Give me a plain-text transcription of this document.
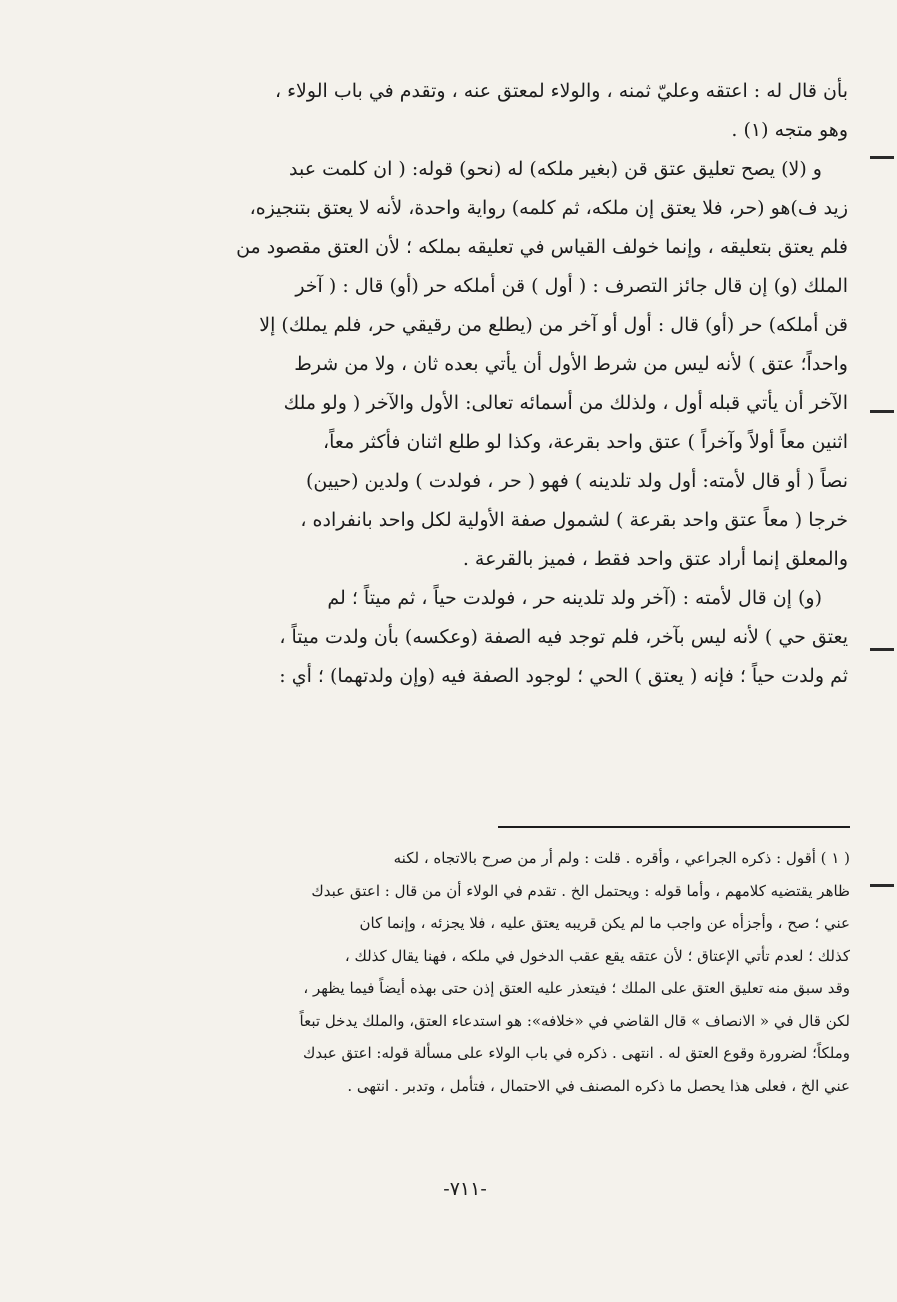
بأن قال له : اعتقه وعليّ ثمنه ، والولاء لمعتق عنه ، وتقدم في باب الولاء ،
وهو متجه (١) .
و (لا) يصح تعليق عتق قن (بغير ملكه) له (نحو) قوله: ( ان كلمت عبد
زيد ف)هو (حر، فلا يعتق إن ملكه، ثم كلمه) رواية واحدة، لأنه لا يعتق بتنجيزه،
فلم يعتق بتعليقه ، وإنما خولف القياس في تعليقه بملكه ؛ لأن العتق مقصود من
الملك (و) إن قال جائز التصرف : ( أول ) قن أملكه حر (أو) قال : ( آخر
قن أملكه) حر (أو) قال : أول أو آخر من (يطلع من رقيقي حر، فلم يملك) إلا
واحداً؛ عتق ) لأنه ليس من شرط الأول أن يأتي بعده ثان ، ولا من شرط
الآخر أن يأتي قبله أول ، ولذلك من أسمائه تعالى: الأول والآخر ( ولو ملك
اثنين معاً أولاً وآخراً ) عتق واحد بقرعة، وكذا لو طلع اثنان فأكثر معاً،
نصاً ( أو قال لأمته: أول ولد تلدينه ) فهو ( حر ، فولدت ) ولدين (حيين)
خرجا ( معاً عتق واحد بقرعة ) لشمول صفة الأولية لكل واحد بانفراده ،
والمعلق إنما أراد عتق واحد فقط ، فميز بالقرعة .
(و) إن قال لأمته : (آخر ولد تلدينه حر ، فولدت حياً ، ثم ميتاً ؛ لم
يعتق حي ) لأنه ليس بآخر، فلم توجد فيه الصفة (وعكسه) بأن ولدت ميتاً ،
ثم ولدت حياً ؛ فإنه ( يعتق ) الحي ؛ لوجود الصفة فيه (وإن ولدتهما) ؛ أي :
( ١ ) أقول : ذكره الجراعي ، وأقره . قلت : ولم أر من صرح بالاتجاه ، لكنه
ظاهر يقتضيه كلامهم ، وأما قوله : ويحتمل الخ . تقدم في الولاء أن من قال : اعتق عبدك
عني ؛ صح ، وأجزأه عن واجب ما لم يكن قريبه يعتق عليه ، فلا يجزئه ، وإنما كان
كذلك ؛ لعدم تأتي الإعتاق ؛ لأن عتقه يقع عقب الدخول في ملكه ، فهنا يقال كذلك ،
وقد سبق منه تعليق العتق على الملك ؛ فيتعذر عليه العتق إذن حتى بهذه أيضاً فيما يظهر ،
لكن قال في « الانصاف » قال القاضي في «خلافه»: هو استدعاء العتق، والملك يدخل تبعاً
وملكاً؛ لضرورة وقوع العتق له . انتهى . ذكره في باب الولاء على مسألة قوله: اعتق عبدك
عني الخ ، فعلى هذا يحصل ما ذكره المصنف في الاحتمال ، فتأمل ، وتدبر . انتهى .
-٧١١-
